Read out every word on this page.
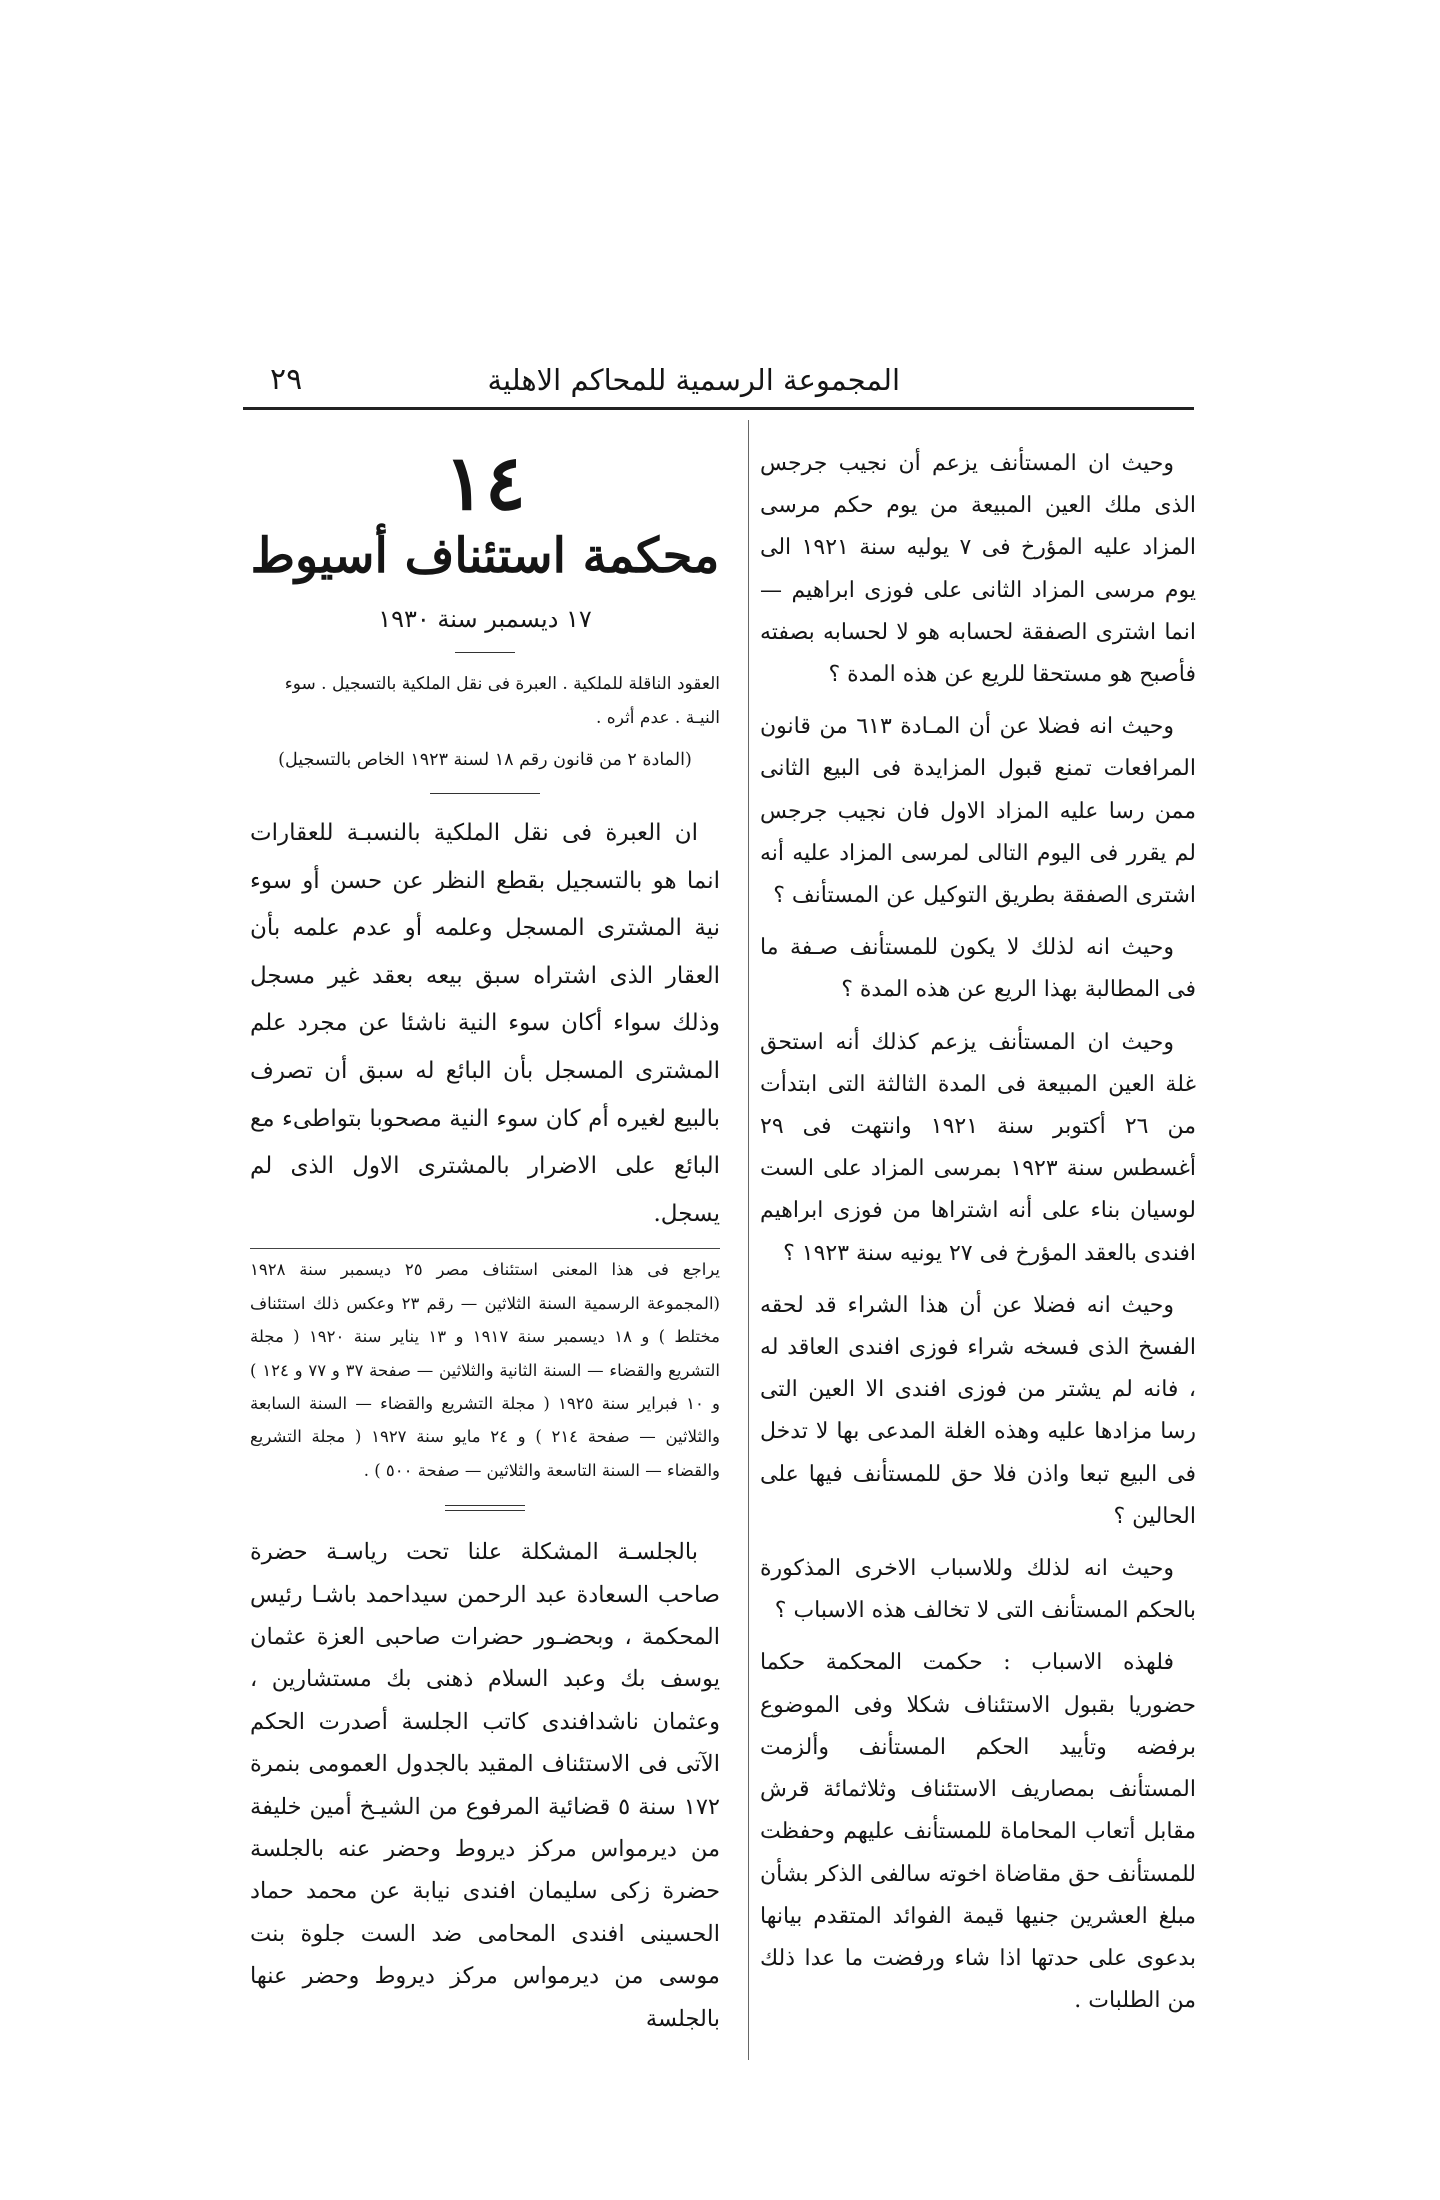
المجموعة الرسمية للمحاكم الاهلية
٢٩

١٤

محكمة استئناف أسيوط

١٧ ديسمبر سنة ١٩٣٠

العقود الناقلة للملكية . العبرة فى نقل الملكية بالتسجيل . سوء النيـة . عدم أثره .

(المادة ٢ من قانون رقم ١٨ لسنة ١٩٢٣ الخاص بالتسجيل)

ان العبرة فى نقل الملكية بالنسبـة للعقارات انما هو بالتسجيل بقطع النظر عن حسن أو سوء نية المشترى المسجل وعلمه أو عدم علمه بأن العقار الذى اشتراه سبق بيعه بعقد غير مسجل وذلك سواء أكان سوء النية ناشئا عن مجرد علم المشترى المسجل بأن البائع له سبق أن تصرف بالبيع لغيره أم كان سوء النية مصحوبا بتواطىء مع البائع على الاضرار بالمشترى الاول الذى لم يسجل.

يراجع فى هذا المعنى استئناف مصر ٢٥ ديسمبر سنة ١٩٢٨ (المجموعة الرسمية السنة الثلاثين — رقم ٢٣ وعكس ذلك استئناف مختلط ) و ١٨ ديسمبر سنة ١٩١٧ و ١٣ يناير سنة ١٩٢٠ ( مجلة التشريع والقضاء — السنة الثانية والثلاثين — صفحة ٣٧ و ٧٧ و ١٢٤ ) و ١٠ فبراير سنة ١٩٢٥ ( مجلة التشريع والقضاء — السنة السابعة والثلاثين — صفحة ٢١٤ ) و ٢٤ مايو سنة ١٩٢٧ ( مجلة التشريع والقضاء — السنة التاسعة والثلاثين — صفحة ٥٠٠ ) .

بالجلسـة المشكلة علنا تحت رياسـة حضرة صاحب السعادة عبد الرحمن سيداحمد باشـا رئيس المحكمة ، وبحضـور حضرات صاحبى العزة عثمان يوسف بك وعبد السلام ذهنى بك مستشارين ، وعثمان ناشدافندى كاتب الجلسة أصدرت الحكم الآتى فى الاستئناف المقيد بالجدول العمومى بنمرة ١٧٢ سنة ٥ قضائية المرفوع من الشيـخ أمين خليفة من ديرمواس مركز ديروط وحضر عنه بالجلسة حضرة زكى سليمان افندى نيابة عن محمد حماد الحسينى افندى المحامى ضد الست جلوة بنت موسى من ديرمواس مركز ديروط وحضر عنها بالجلسة

وحيث ان المستأنف يزعم أن نجيب جرجس الذى ملك العين المبيعة من يوم حكم مرسى المزاد عليه المؤرخ فى ٧ يوليه سنة ١٩٢١ الى يوم مرسى المزاد الثانى على فوزى ابراهيم — انما اشترى الصفقة لحسابه هو لا لحسابه بصفته فأصبح هو مستحقا للريع عن هذه المدة ؟

وحيث انه فضلا عن أن المـادة ٦١٣ من قانون المرافعات تمنع قبول المزايدة فى البيع الثانى ممن رسا عليه المزاد الاول فان نجيب جرجس لم يقرر فى اليوم التالى لمرسى المزاد عليه أنه اشترى الصفقة بطريق التوكيل عن المستأنف ؟

وحيث انه لذلك لا يكون للمستأنف صـفة ما فى المطالبة بهذا الريع عن هذه المدة ؟

وحيث ان المستأنف يزعم كذلك أنه استحق غلة العين المبيعة فى المدة الثالثة التى ابتدأت من ٢٦ أكتوبر سنة ١٩٢١ وانتهت فى ٢٩ أغسطس سنة ١٩٢٣ بمرسى المزاد على الست لوسيان بناء على أنه اشتراها من فوزى ابراهيم افندى بالعقد المؤرخ فى ٢٧ يونيه سنة ١٩٢٣ ؟

وحيث انه فضلا عن أن هذا الشراء قد لحقه الفسخ الذى فسخه شراء فوزى افندى العاقد له ، فانه لم يشتر من فوزى افندى الا العين التى رسا مزادها عليه وهذه الغلة المدعى بها لا تدخل فى البيع تبعا واذن فلا حق للمستأنف فيها على الحالين ؟

وحيث انه لذلك وللاسباب الاخرى المذكورة بالحكم المستأنف التى لا تخالف هذه الاسباب ؟

فلهذه الاسباب : حكمت المحكمة حكما حضوريا بقبول الاستئناف شكلا وفى الموضوع برفضه وتأييد الحكم المستأنف وألزمت المستأنف بمصاريف الاستئناف وثلاثمائة قرش مقابل أتعاب المحاماة للمستأنف عليهم وحفظت للمستأنف حق مقاضاة اخوته سالفى الذكر بشأن مبلغ العشرين جنيها قيمة الفوائد المتقدم بيانها بدعوى على حدتها اذا شاء ورفضت ما عدا ذلك من الطلبات .
